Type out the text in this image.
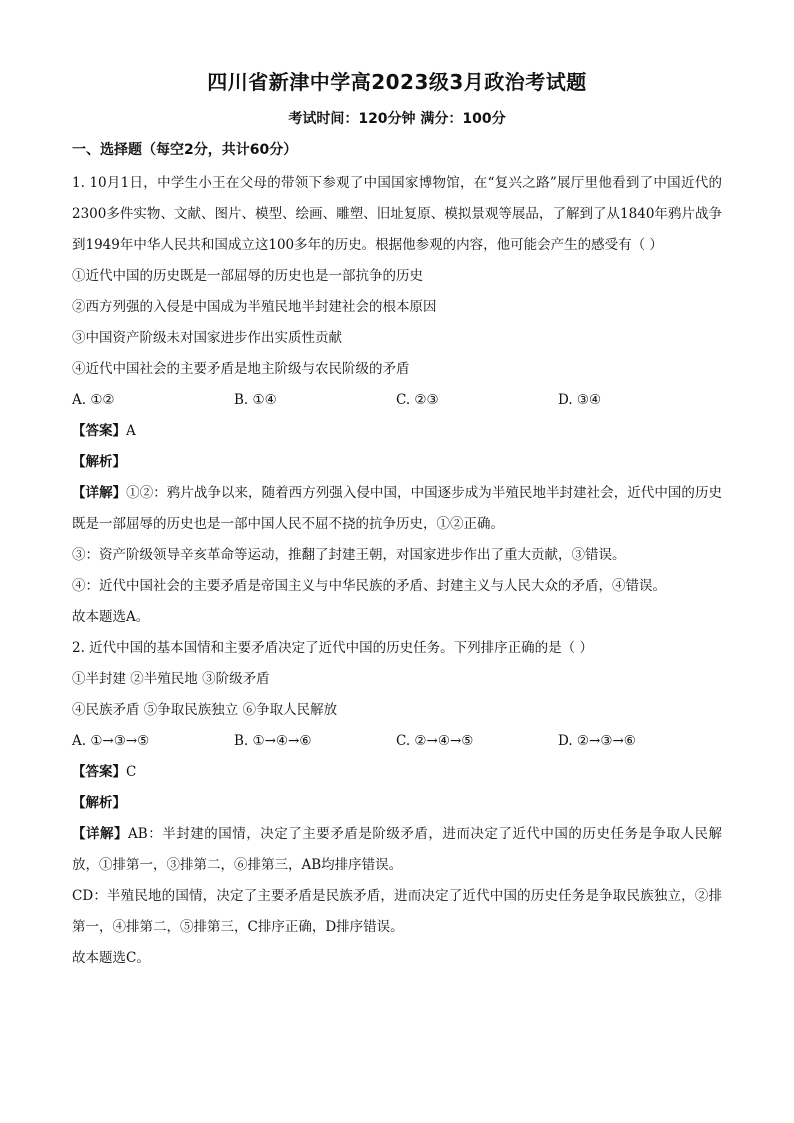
四川省新津中学高2023级3月政治考试题
考试时间：120分钟 满分：100分
一、选择题（每空2分，共计60分）
1. 10月1日，中学生小王在父母的带领下参观了中国国家博物馆，在“复兴之路”展厅里他看到了中国近代的2300多件实物、文献、图片、模型、绘画、雕塑、旧址复原、模拟景观等展品，了解到了从1840年鸦片战争到1949年中华人民共和国成立这100多年的历史。根据他参观的内容，他可能会产生的感受有（ ）
①近代中国的历史既是一部屈辱的历史也是一部抗争的历史
②西方列强的入侵是中国成为半殖民地半封建社会的根本原因
③中国资产阶级未对国家进步作出实质性贡献
④近代中国社会的主要矛盾是地主阶级与农民阶级的矛盾
A. ①②	B. ①④	C. ②③	D. ③④
【答案】A
【解析】
【详解】①②：鸦片战争以来，随着西方列强入侵中国，中国逐步成为半殖民地半封建社会，近代中国的历史既是一部屈辱的历史也是一部中国人民不屈不挠的抗争历史，①②正确。
③：资产阶级领导辛亥革命等运动，推翻了封建王朝，对国家进步作出了重大贡献，③错误。
④：近代中国社会的主要矛盾是帝国主义与中华民族的矛盾、封建主义与人民大众的矛盾，④错误。
故本题选A。
2. 近代中国的基本国情和主要矛盾决定了近代中国的历史任务。下列排序正确的是（ ）
①半封建 ②半殖民地 ③阶级矛盾
④民族矛盾 ⑤争取民族独立 ⑥争取人民解放
A. ①→③→⑤	B. ①→④→⑥	C. ②→④→⑤	D. ②→③→⑥
【答案】C
【解析】
【详解】AB：半封建的国情，决定了主要矛盾是阶级矛盾，进而决定了近代中国的历史任务是争取人民解放，①排第一，③排第二，⑥排第三，AB均排序错误。
CD：半殖民地的国情，决定了主要矛盾是民族矛盾，进而决定了近代中国的历史任务是争取民族独立，②排第一，④排第二，⑤排第三，C排序正确，D排序错误。
故本题选C。
